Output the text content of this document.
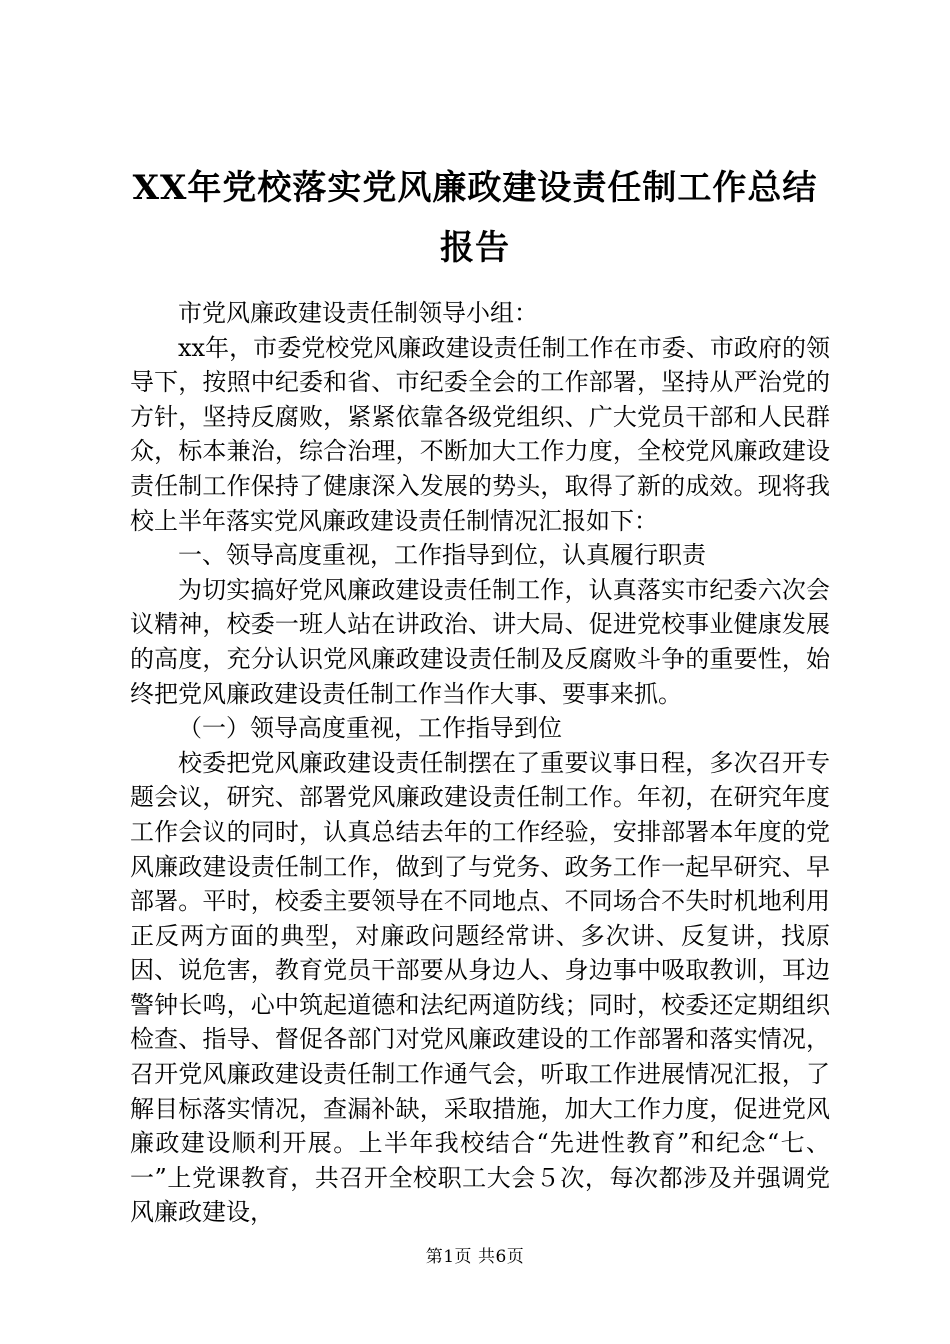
XX年党校落实党风廉政建设责任制工作总结
报告

市党风廉政建设责任制领导小组：

xx年，市委党校党风廉政建设责任制工作在市委、市政府的领导下，按照中纪委和省、市纪委全会的工作部署，坚持从严治党的方针，坚持反腐败，紧紧依靠各级党组织、广大党员干部和人民群众，标本兼治，综合治理，不断加大工作力度，全校党风廉政建设责任制工作保持了健康深入发展的势头，取得了新的成效。现将我校上半年落实党风廉政建设责任制情况汇报如下：

一、领导高度重视，工作指导到位，认真履行职责

为切实搞好党风廉政建设责任制工作，认真落实市纪委六次会议精神，校委一班人站在讲政治、讲大局、促进党校事业健康发展的高度，充分认识党风廉政建设责任制及反腐败斗争的重要性，始终把党风廉政建设责任制工作当作大事、要事来抓。

（一）领导高度重视，工作指导到位

校委把党风廉政建设责任制摆在了重要议事日程，多次召开专题会议，研究、部署党风廉政建设责任制工作。年初，在研究年度工作会议的同时，认真总结去年的工作经验，安排部署本年度的党风廉政建设责任制工作，做到了与党务、政务工作一起早研究、早部署。平时，校委主要领导在不同地点、不同场合不失时机地利用正反两方面的典型，对廉政问题经常讲、多次讲、反复讲，找原因、说危害，教育党员干部要从身边人、身边事中吸取教训，耳边警钟长鸣，心中筑起道德和法纪两道防线；同时，校委还定期组织检查、指导、督促各部门对党风廉政建设的工作部署和落实情况，召开党风廉政建设责任制工作通气会，听取工作进展情况汇报，了解目标落实情况，查漏补缺，采取措施，加大工作力度，促进党风廉政建设顺利开展。上半年我校结合“先进性教育”和纪念“七、一”上党课教育，共召开全校职工大会５次，每次都涉及并强调党风廉政建设，

第1页 共6页
